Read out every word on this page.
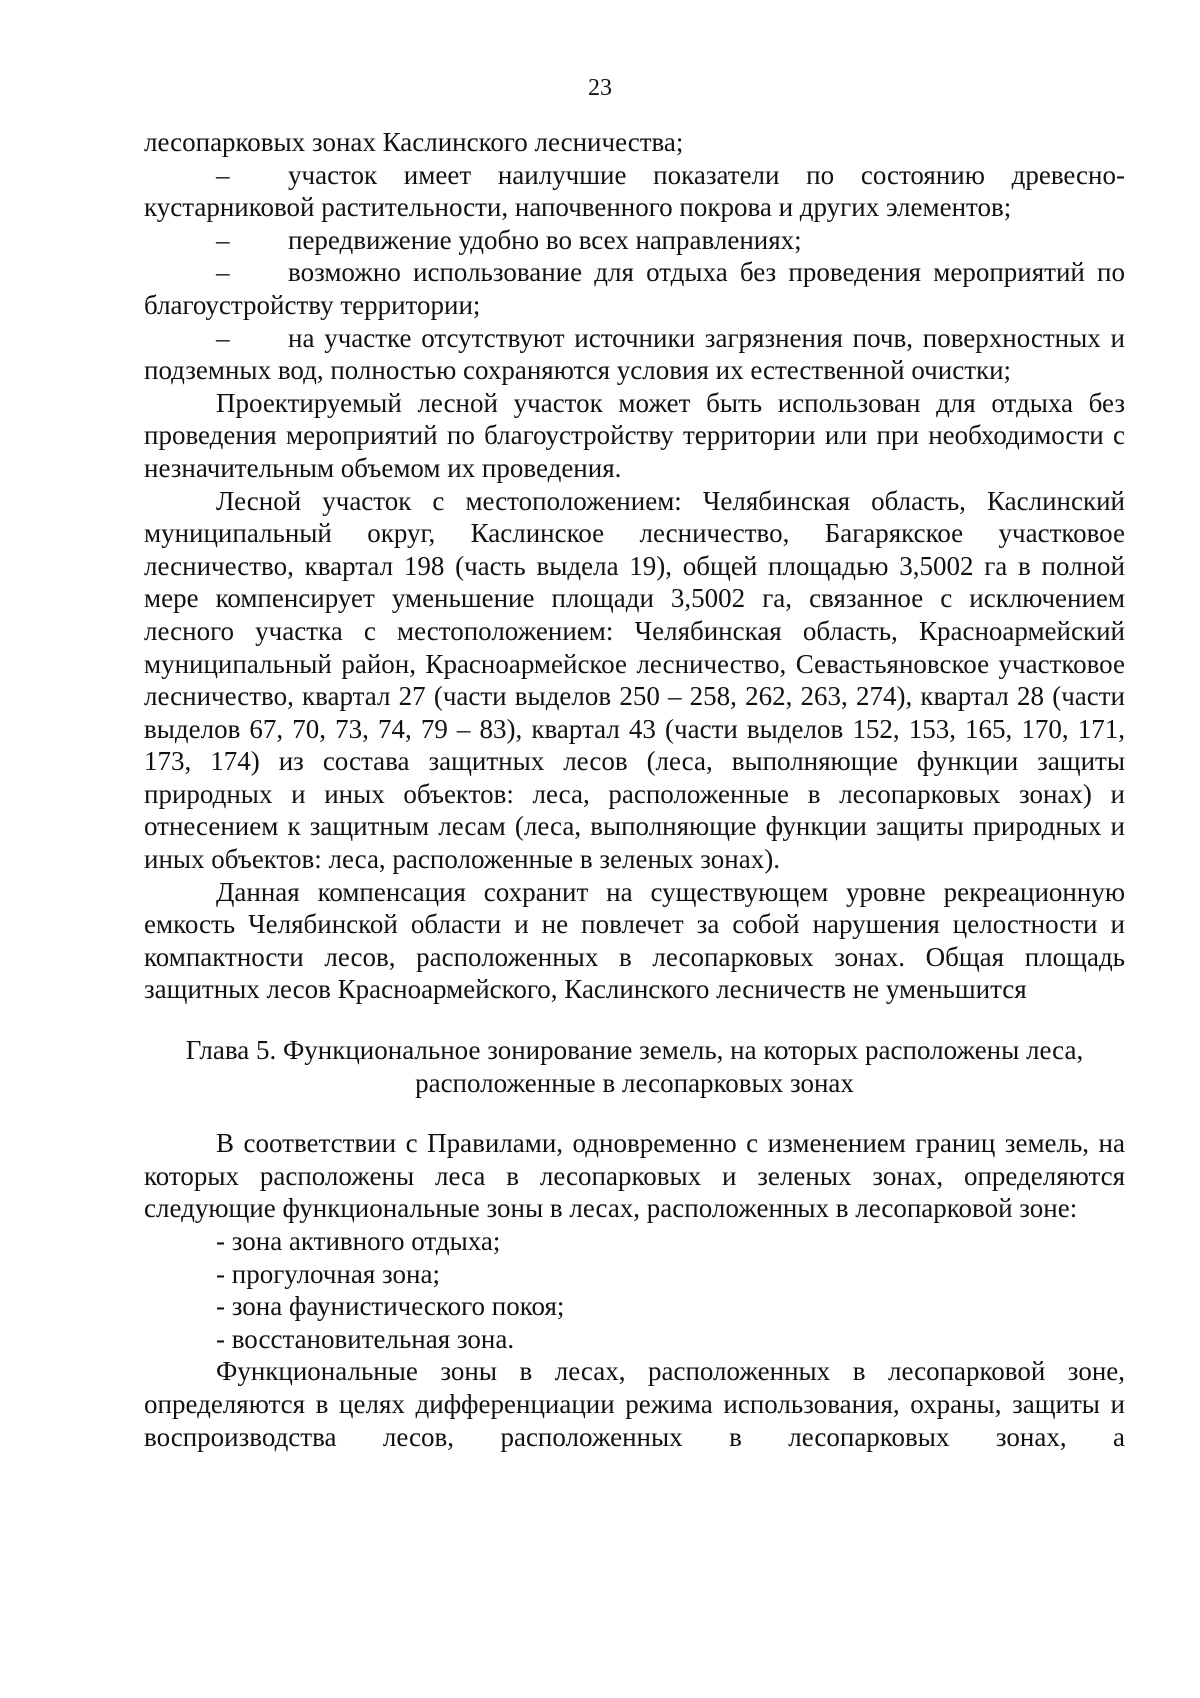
23

лесопарковых зонах Каслинского лесничества;

– участок имеет наилучшие показатели по состоянию древесно-кустарниковой растительности, напочвенного покрова и других элементов;

– передвижение удобно во всех направлениях;

– возможно использование для отдыха без проведения мероприятий по благоустройству территории;

– на участке отсутствуют источники загрязнения почв, поверхностных и подземных вод, полностью сохраняются условия их естественной очистки;

Проектируемый лесной участок может быть использован для отдыха без проведения мероприятий по благоустройству территории или при необходимости с незначительным объемом их проведения.

Лесной участок с местоположением: Челябинская область, Каслинский муниципальный округ, Каслинское лесничество, Багарякское участковое лесничество, квартал 198 (часть выдела 19), общей площадью 3,5002 га в полной мере компенсирует уменьшение площади 3,5002 га, связанное с исключением лесного участка с местоположением: Челябинская область, Красноармейский муниципальный район, Красноармейское лесничество, Севастьяновское участковое лесничество, квартал 27 (части выделов 250 – 258, 262, 263, 274), квартал 28 (части выделов 67, 70, 73, 74, 79 – 83), квартал 43 (части выделов 152, 153, 165, 170, 171, 173, 174) из состава защитных лесов (леса, выполняющие функции защиты природных и иных объектов: леса, расположенные в лесопарковых зонах) и отнесением к защитным лесам (леса, выполняющие функции защиты природных и иных объектов: леса, расположенные в зеленых зонах).

Данная компенсация сохранит на существующем уровне рекреационную емкость Челябинской области и не повлечет за собой нарушения целостности и компактности лесов, расположенных в лесопарковых зонах. Общая площадь защитных лесов Красноармейского, Каслинского лесничеств не уменьшится

Глава 5. Функциональное зонирование земель, на которых расположены леса,
расположенные в лесопарковых зонах

В соответствии с Правилами, одновременно с изменением границ земель, на которых расположены леса в лесопарковых и зеленых зонах, определяются следующие функциональные зоны в лесах, расположенных в лесопарковой зоне:

- зона активного отдыха;

- прогулочная зона;

- зона фаунистического покоя;

- восстановительная зона.

Функциональные зоны в лесах, расположенных в лесопарковой зоне, определяются в целях дифференциации режима использования, охраны, защиты и воспроизводства лесов, расположенных в лесопарковых зонах, а
